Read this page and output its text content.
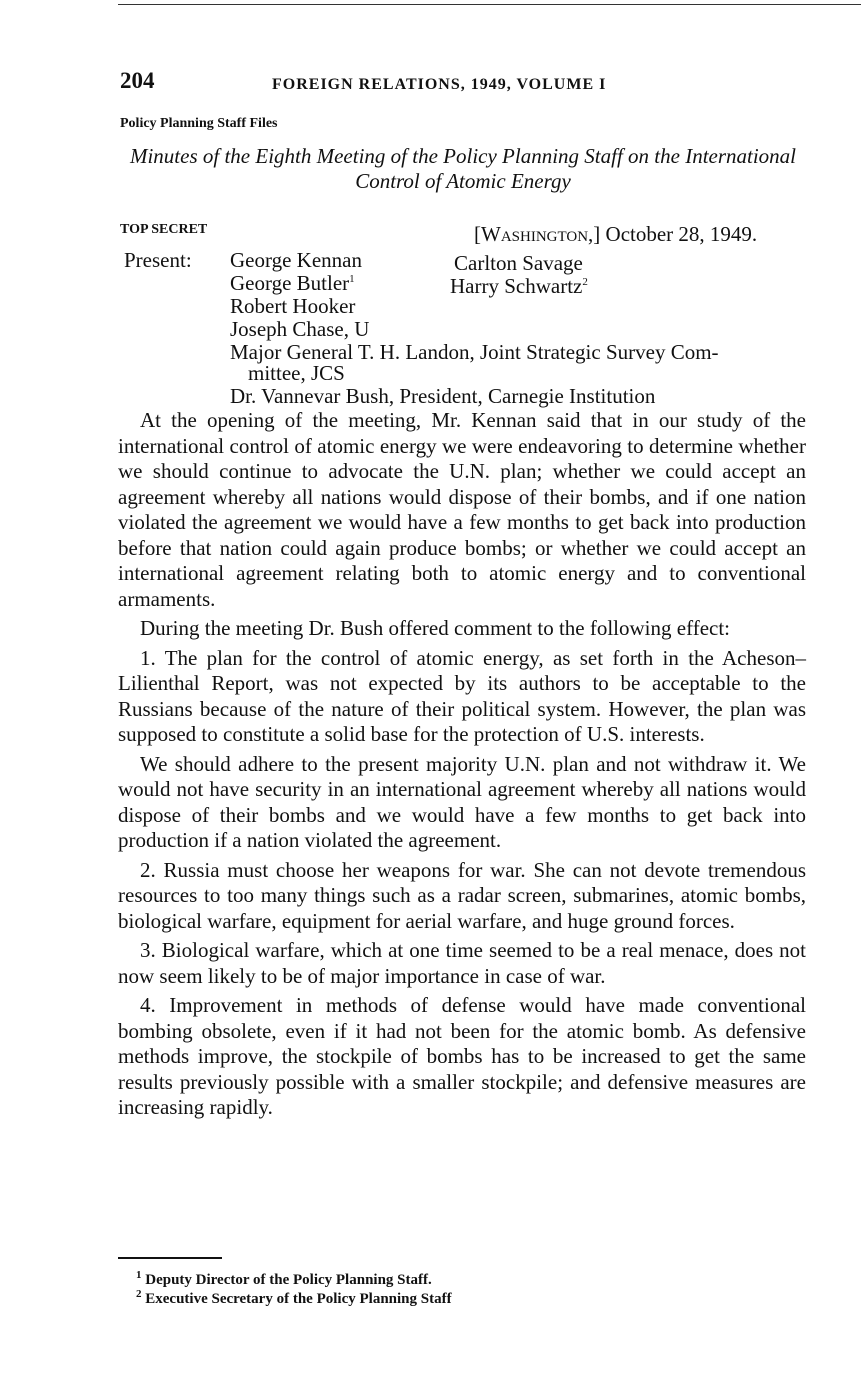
204	FOREIGN RELATIONS, 1949, VOLUME I
Policy Planning Staff Files
Minutes of the Eighth Meeting of the Policy Planning Staff on the International Control of Atomic Energy
TOP SECRET	[Washington,] October 28, 1949.
Present: George Kennan
George Butler$^1$
Robert Hooker
Joseph Chase, U
Carlton Savage
Harry Schwartz$^2$
Major General T. H. Landon, Joint Strategic Survey Com-
mittee, JCS
Dr. Vannevar Bush, President, Carnegie Institution

At the opening of the meeting, Mr. Kennan said that in our study of the international control of atomic energy we were endeavoring to determine whether we should continue to advocate the U.N. plan; whether we could accept an agreement whereby all nations would dispose of their bombs, and if one nation violated the agreement we would have a few months to get back into production before that nation could again produce bombs; or whether we could accept an international agreement relating both to atomic energy and to conventional armaments.

During the meeting Dr. Bush offered comment to the following effect:

1. The plan for the control of atomic energy, as set forth in the Acheson–Lilienthal Report, was not expected by its authors to be acceptable to the Russians because of the nature of their political system. However, the plan was supposed to constitute a solid base for the protection of U.S. interests.

We should adhere to the present majority U.N. plan and not withdraw it. We would not have security in an international agreement whereby all nations would dispose of their bombs and we would have a few months to get back into production if a nation violated the agreement.

2. Russia must choose her weapons for war. She can not devote tremendous resources to too many things such as a radar screen, submarines, atomic bombs, biological warfare, equipment for aerial warfare, and huge ground forces.

3. Biological warfare, which at one time seemed to be a real menace, does not now seem likely to be of major importance in case of war.

4. Improvement in methods of defense would have made conventional bombing obsolete, even if it had not been for the atomic bomb. As defensive methods improve, the stockpile of bombs has to be increased to get the same results previously possible with a smaller stockpile; and defensive measures are increasing rapidly.

$^1$ Deputy Director of the Policy Planning Staff.
$^2$ Executive Secretary of the Policy Planning Staff
